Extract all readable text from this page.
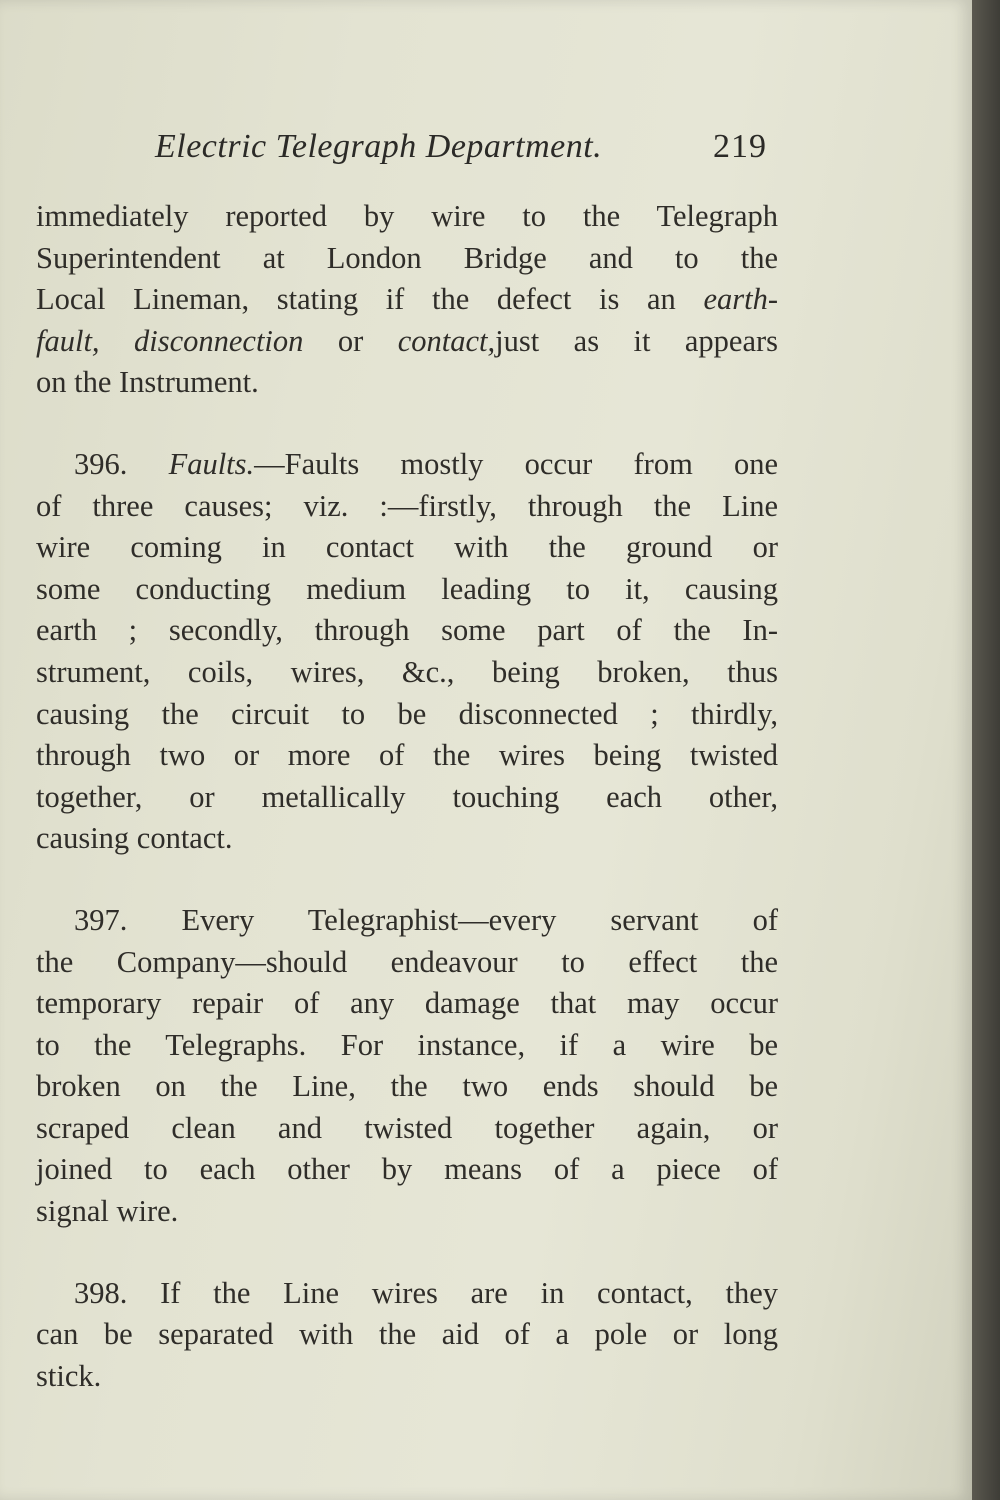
Electric Telegraph Department.	219
immediately reported by wire to the Telegraph
Superintendent at London Bridge and to the
Local Lineman, stating if the defect is an earth-
fault, disconnection or contact,just as it appears
on the Instrument.
396. Faults.—Faults mostly occur from one
of three causes; viz. :—firstly, through the Line
wire coming in contact with the ground or
some conducting medium leading to it, causing
earth ; secondly, through some part of the In-
strument, coils, wires, &c., being broken, thus
causing the circuit to be disconnected ; thirdly,
through two or more of the wires being twisted
together, or metallically touching each other,
causing contact.
397. Every Telegraphist—every servant of
the Company—should endeavour to effect the
temporary repair of any damage that may occur
to the Telegraphs. For instance, if a wire be
broken on the Line, the two ends should be
scraped clean and twisted together again, or
joined to each other by means of a piece of
signal wire.
398. If the Line wires are in contact, they
can be separated with the aid of a pole or long
stick.
